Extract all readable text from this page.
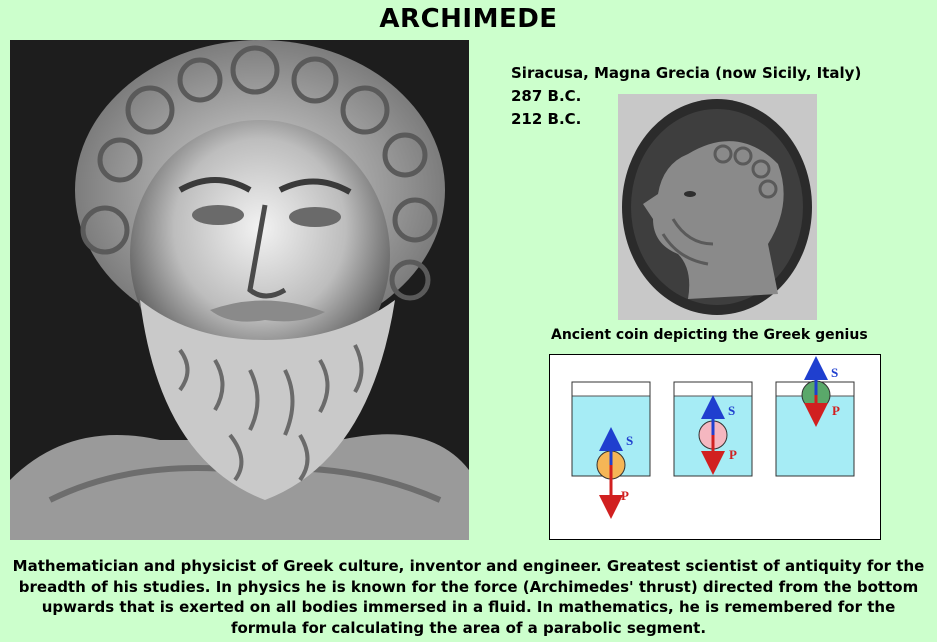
ARCHIMEDE
Siracusa, Magna Grecia (now Sicily, Italy)
287 B.C.
212 B.C.
Ancient coin depicting the Greek genius
S
P
S
P
S
P
Mathematician and physicist of Greek culture, inventor and engineer. Greatest scientist of antiquity for the breadth of his studies. In physics he is known for the force (Archimedes' thrust) directed from the bottom upwards that is exerted on all bodies immersed in a fluid. In mathematics, he is remembered for the formula for calculating the area of a parabolic segment.
